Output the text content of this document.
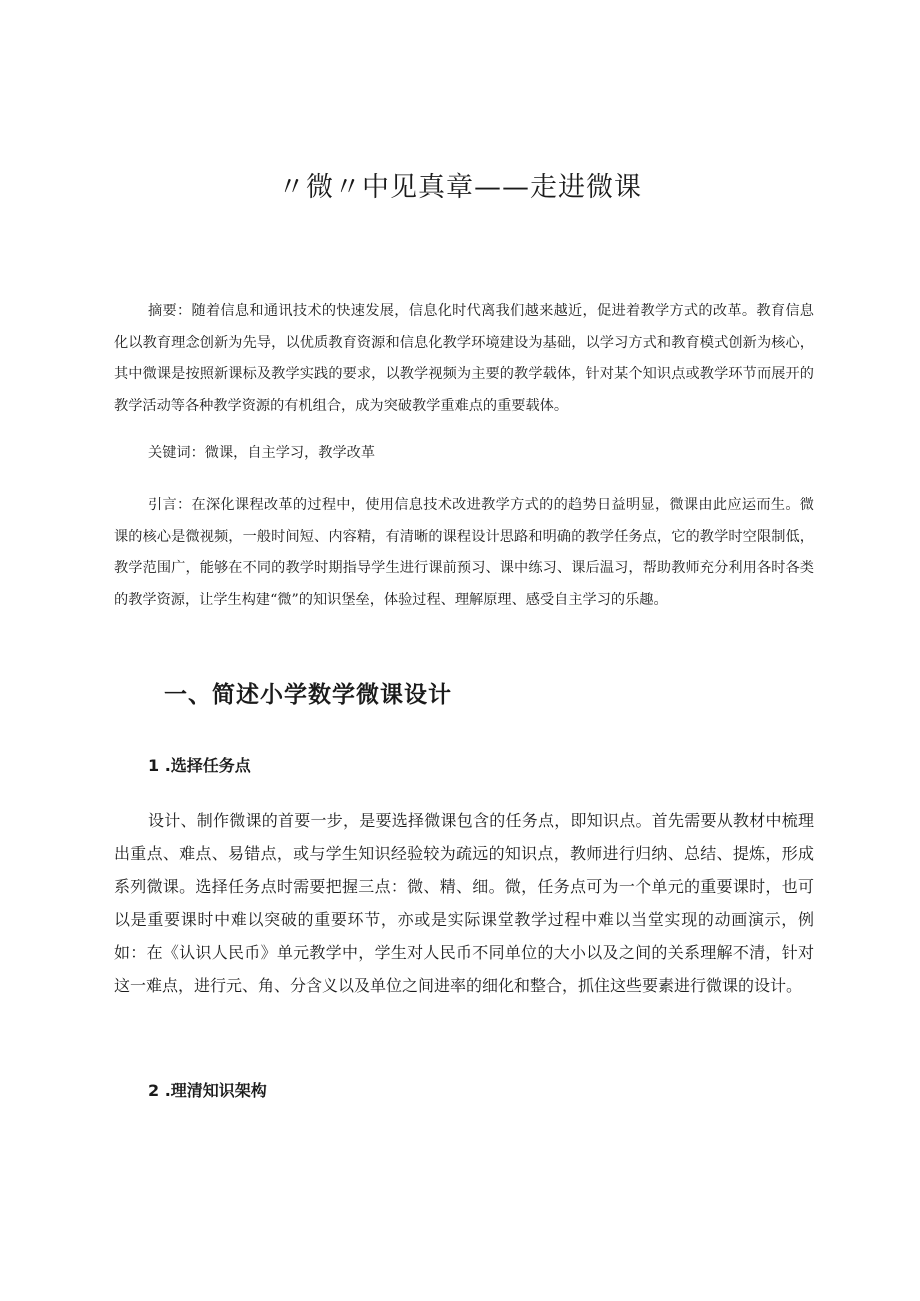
〃微〃中见真章——走进微课

摘要：随着信息和通讯技术的快速发展，信息化时代离我们越来越近，促进着教学方式的改革。教育信息化以教育理念创新为先导，以优质教育资源和信息化教学环境建设为基础，以学习方式和教育模式创新为核心，其中微课是按照新课标及教学实践的要求，以教学视频为主要的教学载体，针对某个知识点或教学环节而展开的教学活动等各种教学资源的有机组合，成为突破教学重难点的重要载体。

关键词：微课，自主学习，教学改革

引言：在深化课程改革的过程中，使用信息技术改进教学方式的的趋势日益明显，微课由此应运而生。微课的核心是微视频，一般时间短、内容精，有清晰的课程设计思路和明确的教学任务点，它的教学时空限制低，教学范围广，能够在不同的教学时期指导学生进行课前预习、课中练习、课后温习，帮助教师充分利用各时各类的教学资源，让学生构建“微”的知识堡垒，体验过程、理解原理、感受自主学习的乐趣。

一、简述小学数学微课设计
1 .选择任务点

设计、制作微课的首要一步，是要选择微课包含的任务点，即知识点。首先需要从教材中梳理出重点、难点、易错点，或与学生知识经验较为疏远的知识点，教师进行归纳、总结、提炼，形成系列微课。选择任务点时需要把握三点：微、精、细。微，任务点可为一个单元的重要课时，也可以是重要课时中难以突破的重要环节，亦或是实际课堂教学过程中难以当堂实现的动画演示，例如：在《认识人民币》单元教学中，学生对人民币不同单位的大小以及之间的关系理解不清，针对这一难点，进行元、角、分含义以及单位之间进率的细化和整合，抓住这些要素进行微课的设计。

2 .理清知识架构
